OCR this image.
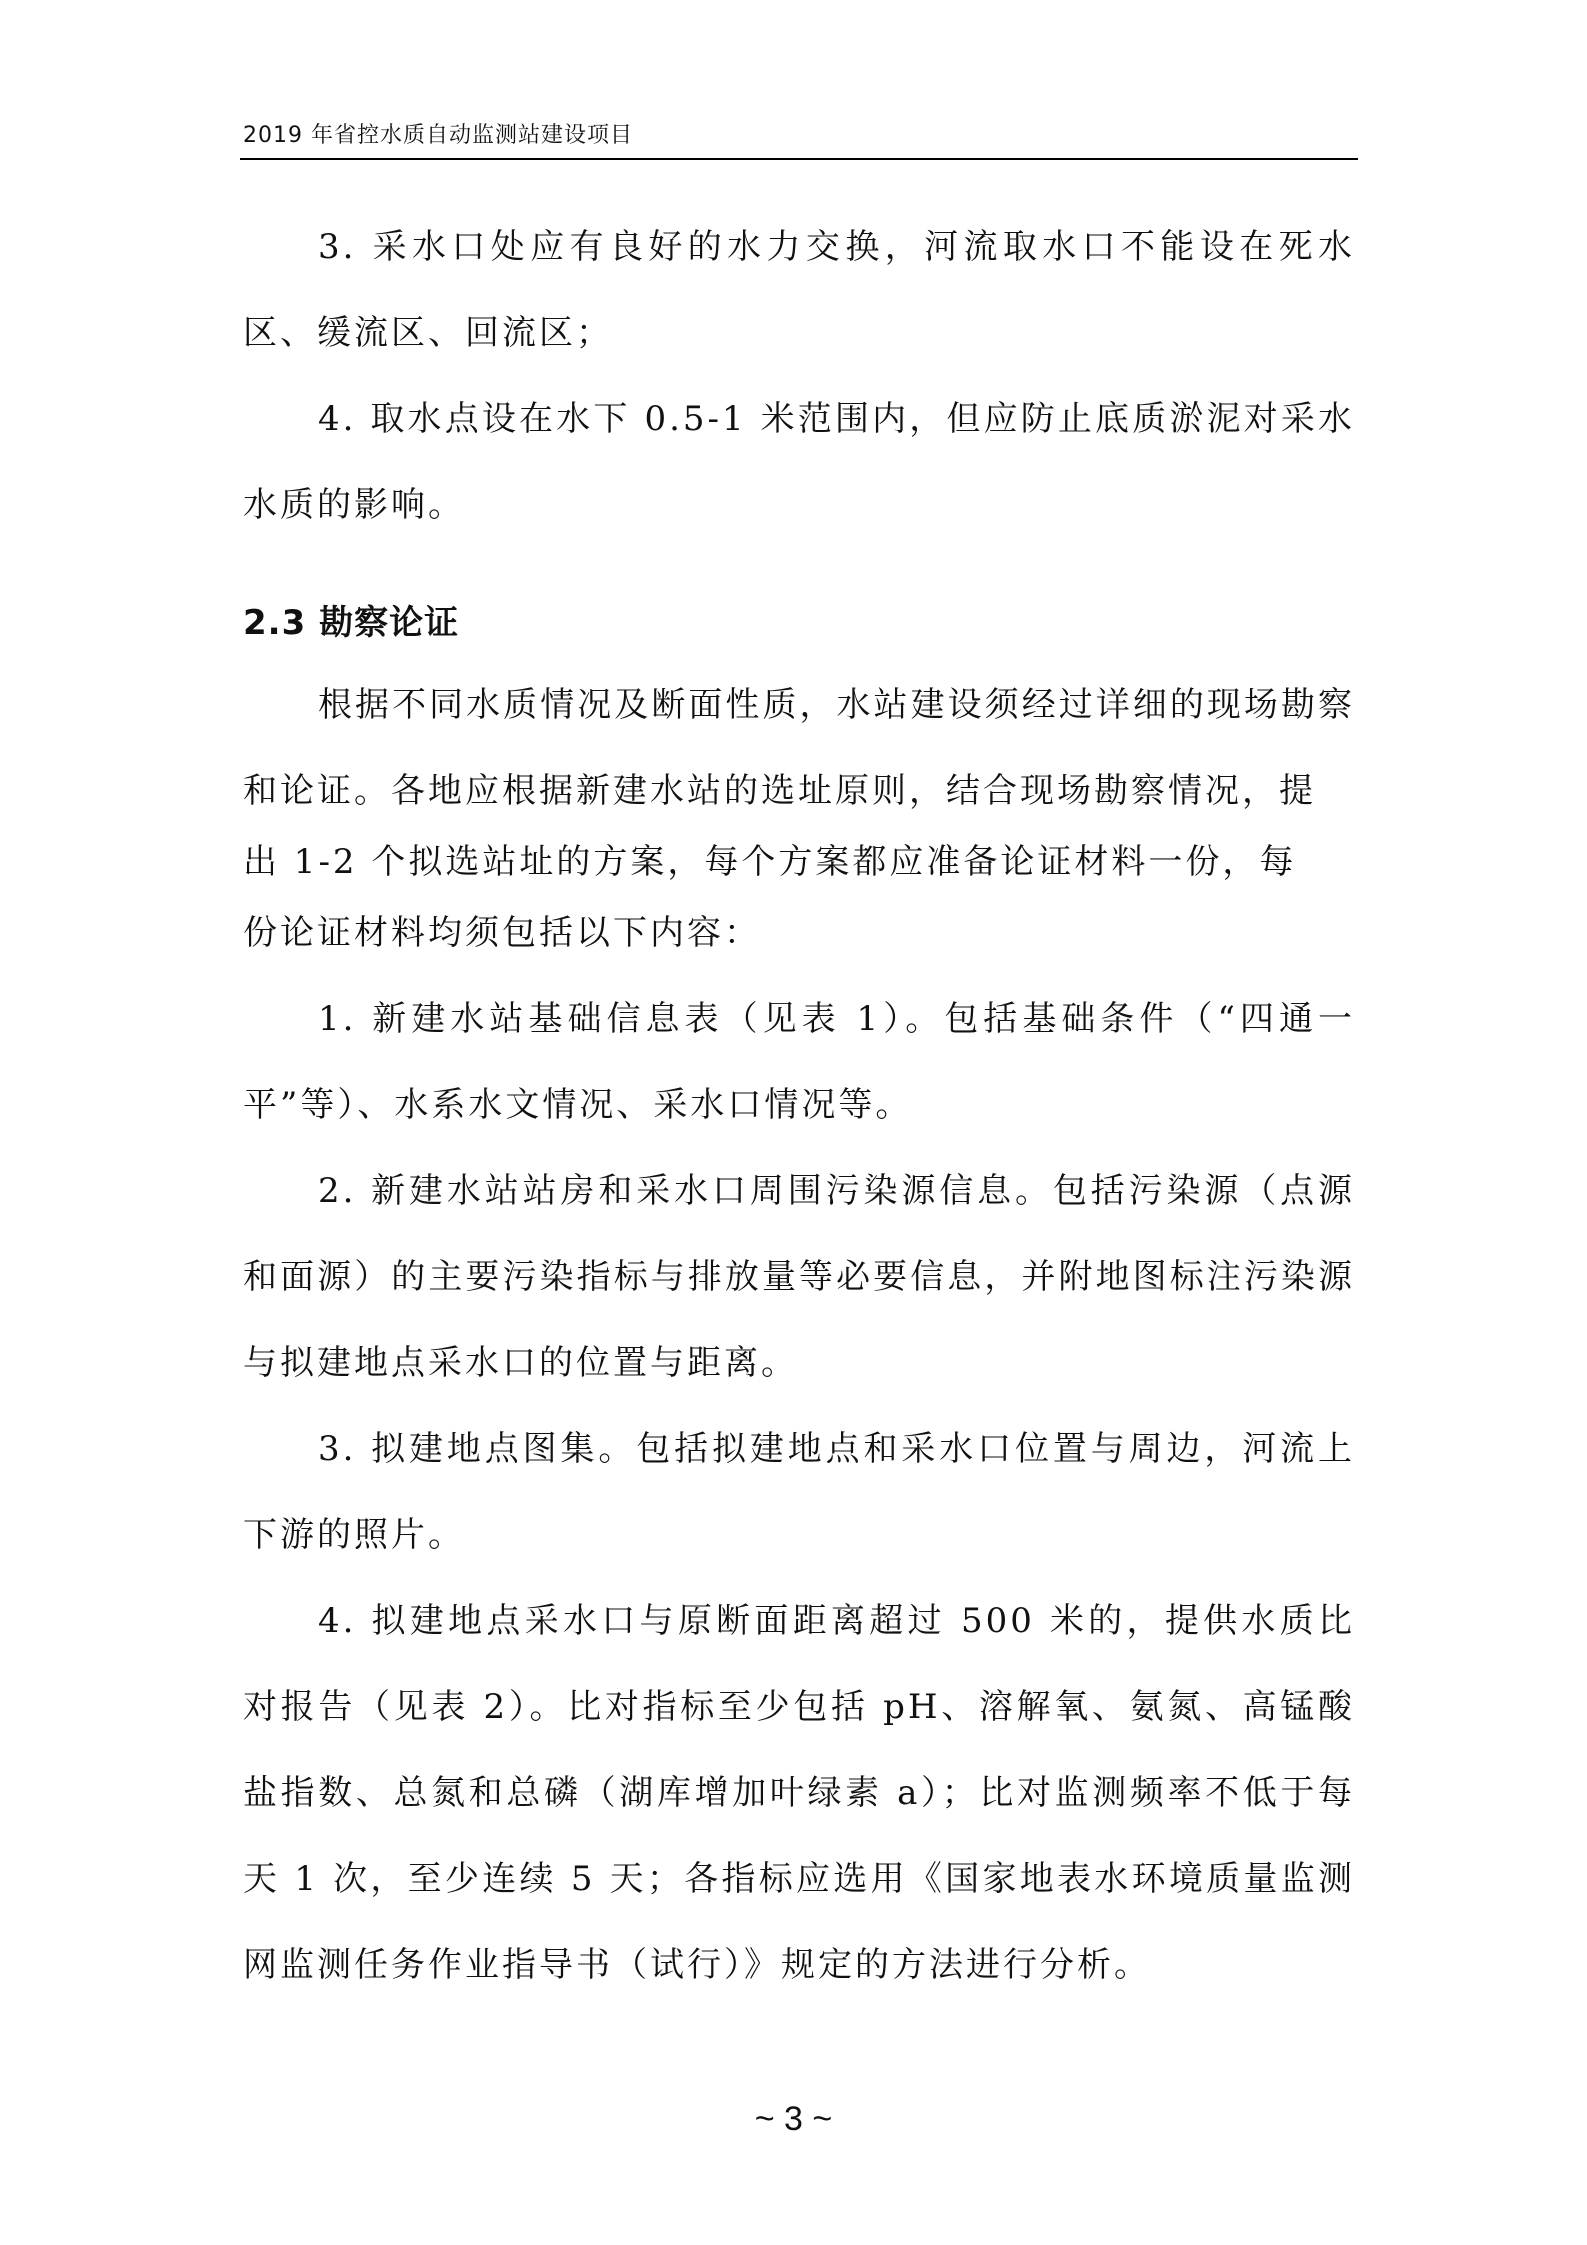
2019 年省控水质自动监测站建设项目

3. 采水口处应有良好的水力交换，河流取水口不能设在死水区、缓流区、回流区；

4. 取水点设在水下 0.5-1 米范围内，但应防止底质淤泥对采水水质的影响。

2.3 勘察论证

根据不同水质情况及断面性质，水站建设须经过详细的现场勘察和论证。各地应根据新建水站的选址原则，结合现场勘察情况，提

出 1-2 个拟选站址的方案，每个方案都应准备论证材料一份，每

份论证材料均须包括以下内容：

1. 新建水站基础信息表（见表 1）。包括基础条件（“四通一平”等）、水系水文情况、采水口情况等。

2. 新建水站站房和采水口周围污染源信息。包括污染源（点源和面源）的主要污染指标与排放量等必要信息，并附地图标注污染源与拟建地点采水口的位置与距离。

3. 拟建地点图集。包括拟建地点和采水口位置与周边，河流上下游的照片。

4. 拟建地点采水口与原断面距离超过 500 米的，提供水质比对报告（见表 2）。比对指标至少包括 pH、溶解氧、氨氮、高锰酸盐指数、总氮和总磷（湖库增加叶绿素 a）；比对监测频率不低于每天 1 次，至少连续 5 天；各指标应选用《国家地表水环境质量监测网监测任务作业指导书（试行）》规定的方法进行分析。

~ 3 ~
